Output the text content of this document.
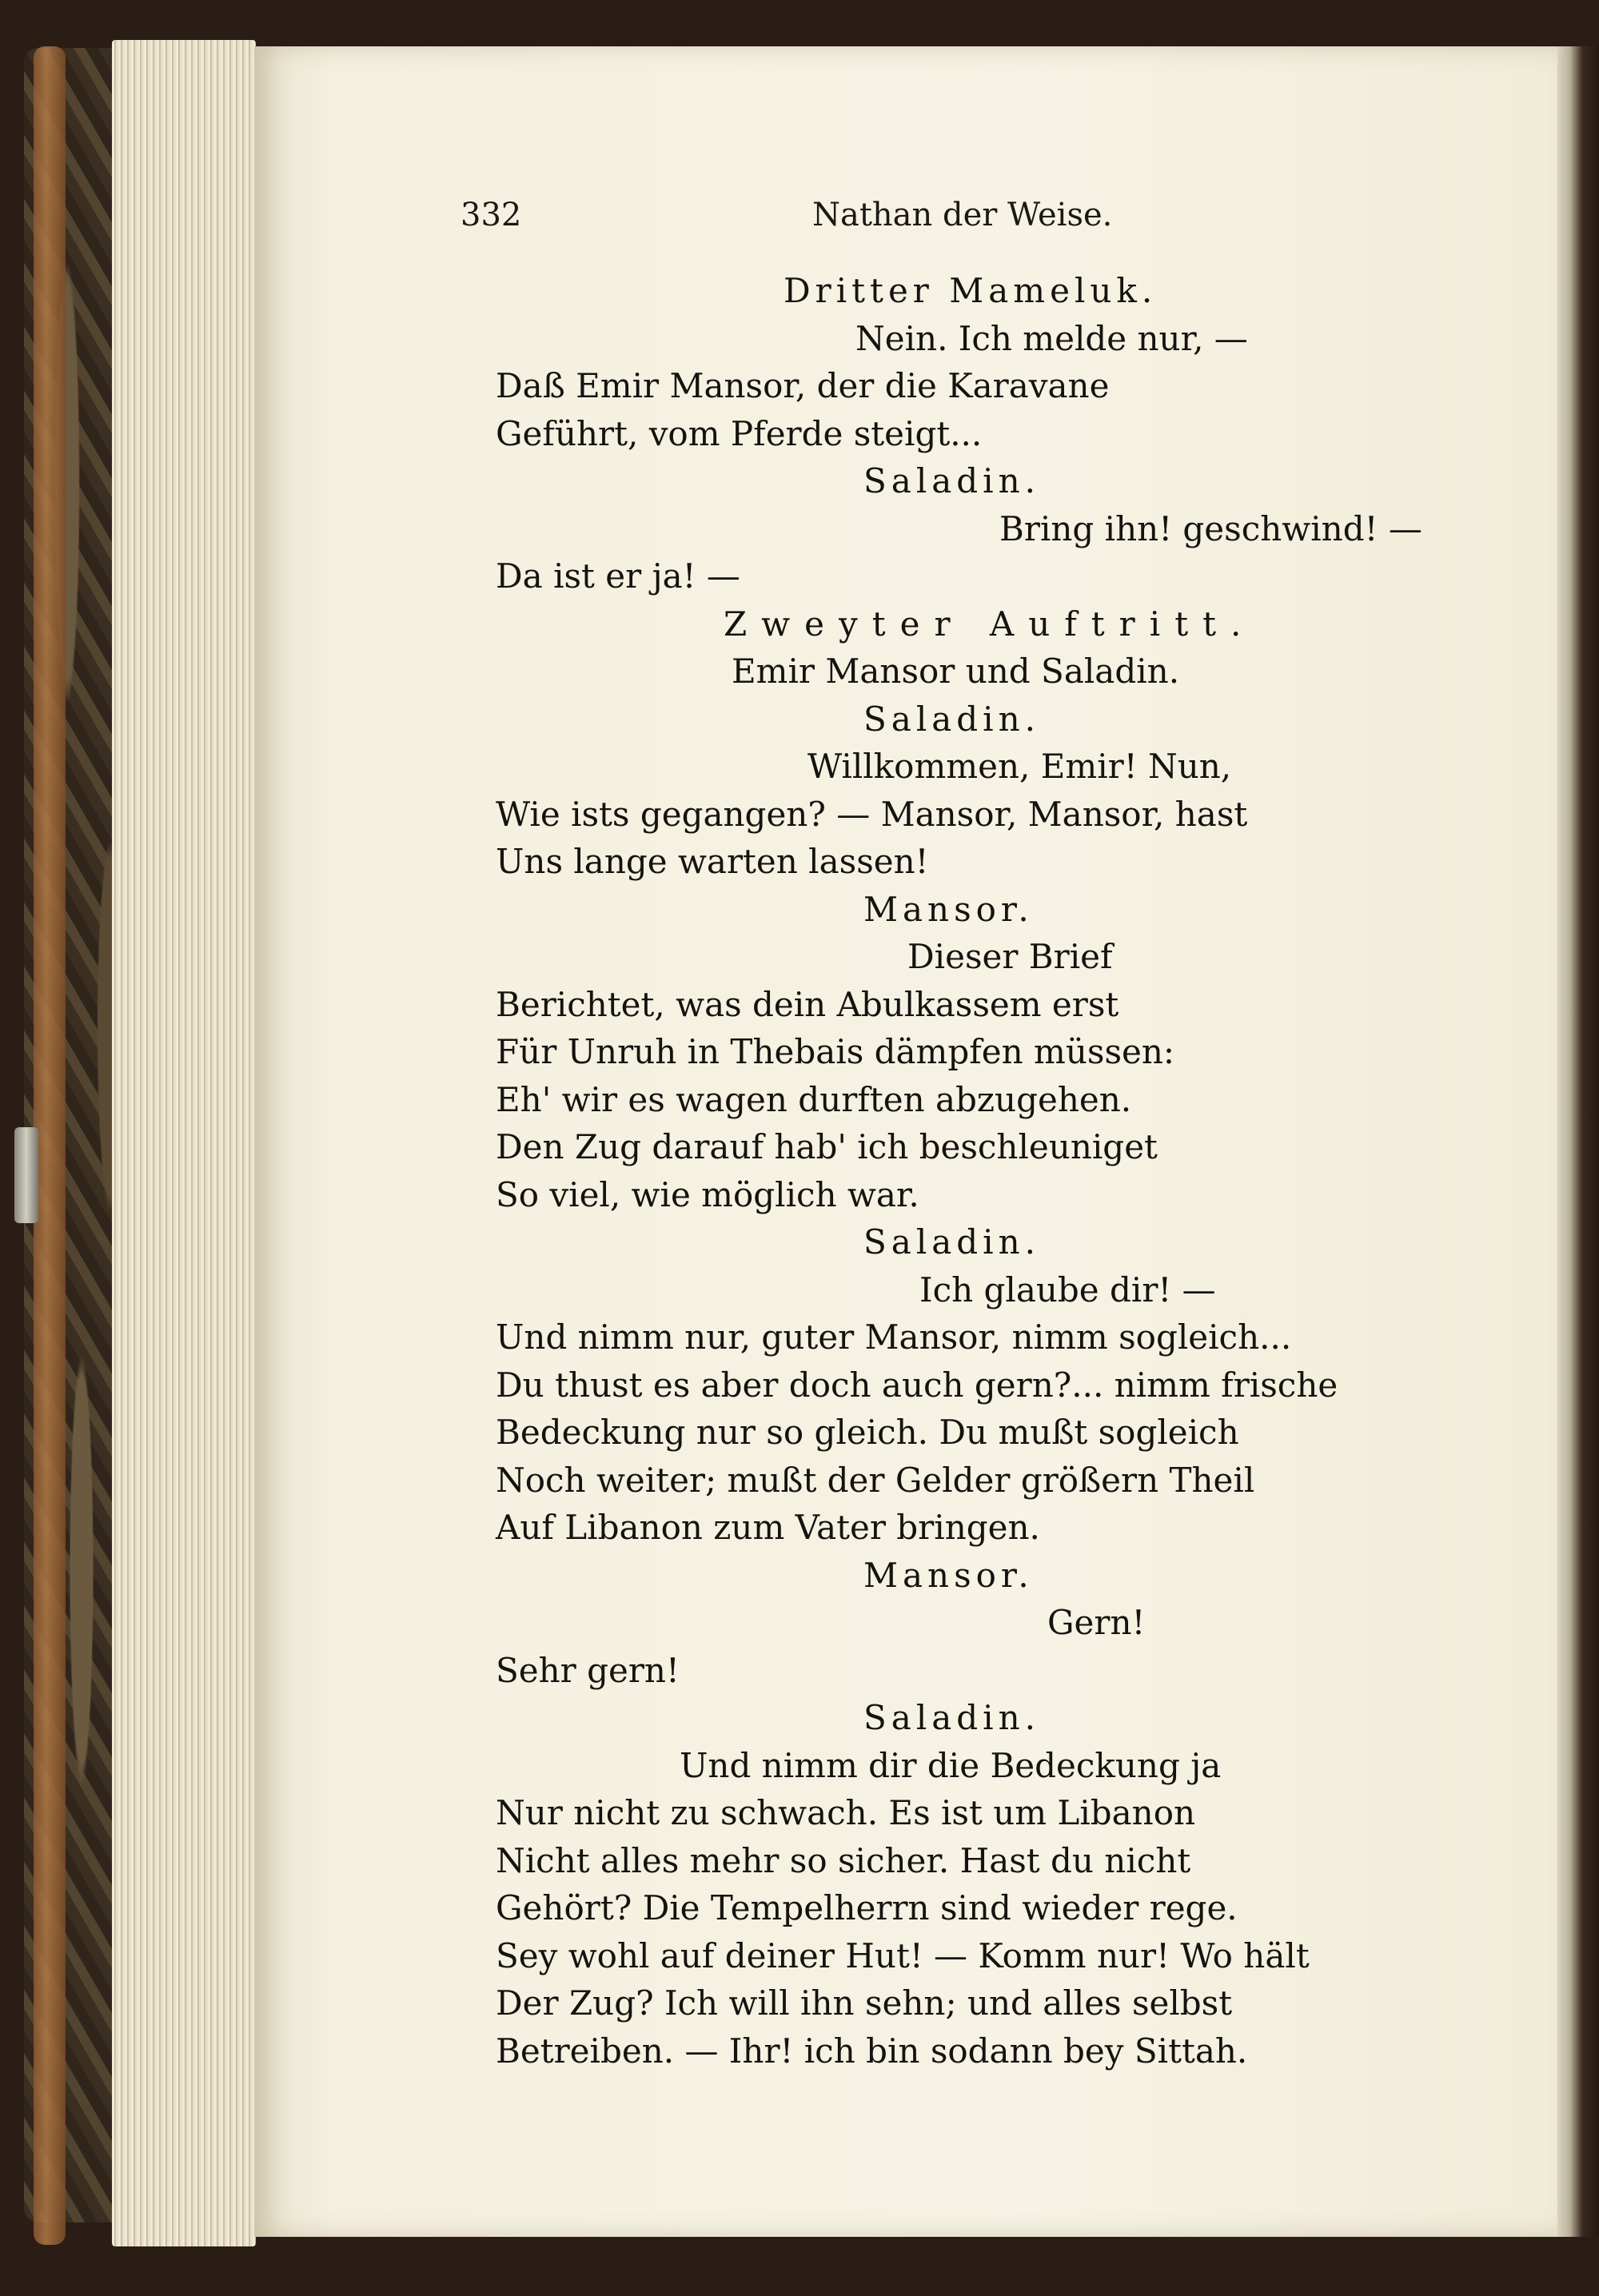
332	Nathan der Weise.
Dritter Mameluk.
Nein. Ich melde nur, —
Daß Emir Mansor, der die Karavane
Geführt, vom Pferde steigt...
Saladin.
Bring ihn! geschwind! —
Da ist er ja! —
Zweyter Auftritt.
Emir Mansor und Saladin.
Saladin.
Willkommen, Emir! Nun,
Wie ists gegangen? — Mansor, Mansor, hast
Uns lange warten lassen!
Mansor.
Dieser Brief
Berichtet, was dein Abulkassem erst
Für Unruh in Thebais dämpfen müssen:
Eh' wir es wagen durften abzugehen.
Den Zug darauf hab' ich beschleuniget
So viel, wie möglich war.
Saladin.
Ich glaube dir! —
Und nimm nur, guter Mansor, nimm sogleich...
Du thust es aber doch auch gern?... nimm frische
Bedeckung nur so gleich. Du mußt sogleich
Noch weiter; mußt der Gelder größern Theil
Auf Libanon zum Vater bringen.
Mansor.
Gern!
Sehr gern!
Saladin.
Und nimm dir die Bedeckung ja
Nur nicht zu schwach. Es ist um Libanon
Nicht alles mehr so sicher. Hast du nicht
Gehört? Die Tempelherrn sind wieder rege.
Sey wohl auf deiner Hut! — Komm nur! Wo hält
Der Zug? Ich will ihn sehn; und alles selbst
Betreiben. — Ihr! ich bin sodann bey Sittah.
